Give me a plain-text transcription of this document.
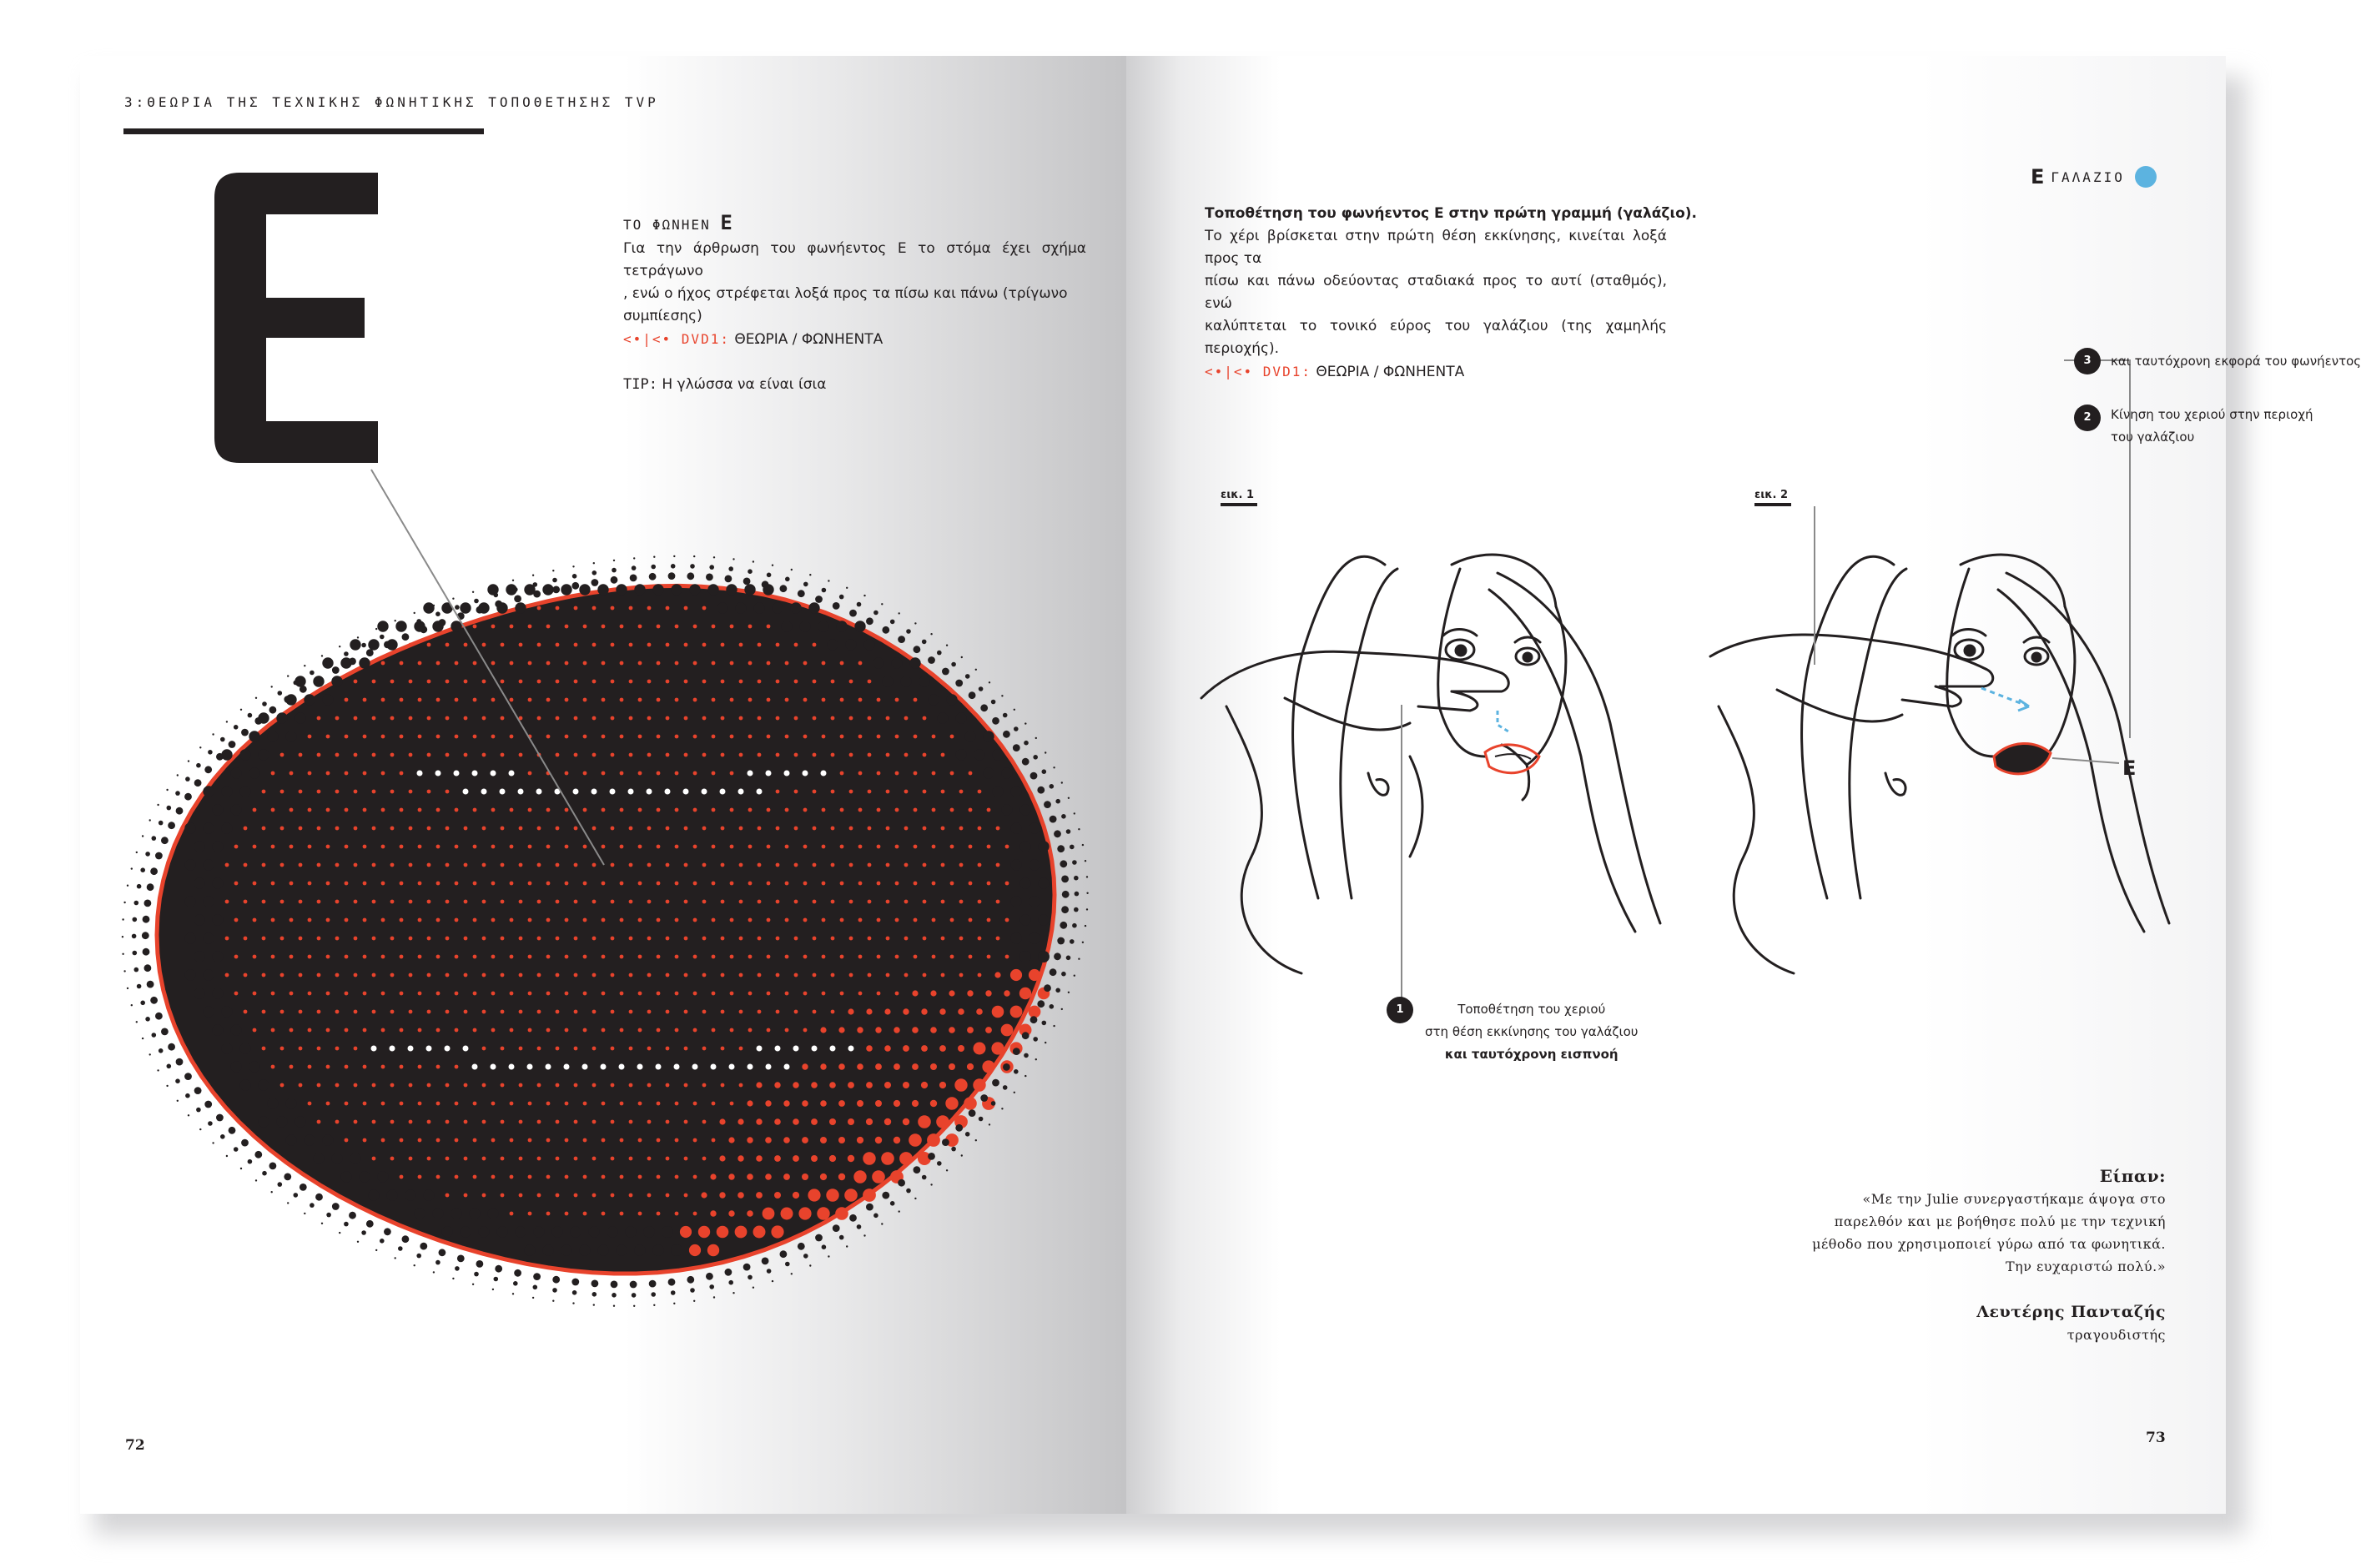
3:ΘΕΩΡΙΑ ΤΗΣ ΤΕΧΝΙΚΗΣ ΦΩΝΗΤΙΚΗΣ ΤΟΠΟΘΕΤΗΣΗΣ TVP
ΤΟ ΦΩΝΗΕΝ E
Για την άρθρωση του φωνήεντος Ε το στόμα έχει σχήμα τετράγωνο
, ενώ ο ήχος στρέφεται λοξά προς τα πίσω και πάνω (τρίγωνο
συμπίεσης)
<•|<• DVD1: ΘΕΩΡΙΑ / ΦΩΝΗΕΝΤΑ
TIP: Η γλώσσα να είναι ίσια
72
E ΓΑΛΑΖΙΟ
Τοποθέτηση του φωνήεντος Ε στην πρώτη γραμμή (γαλάζιο).
Το χέρι βρίσκεται στην πρώτη θέση εκκίνησης, κινείται λοξά προς τα
πίσω και πάνω οδεύοντας σταδιακά προς το αυτί (σταθμός), ενώ
καλύπτεται το τονικό εύρος του γαλάζιου (της χαμηλής περιοχής).
<•|<• DVD1: ΘΕΩΡΙΑ / ΦΩΝΗΕΝΤΑ
εικ. 1	εικ. 2
E
3	και ταυτόχρονη εκφορά του φωνήεντος
2	Κίνηση του χεριού στην περιοχή
του γαλάζιου
1	Τοποθέτηση του χεριού
στη θέση εκκίνησης του γαλάζιου
και ταυτόχρονη εισπνοή
Είπαν:
«Με την Julie συνεργαστήκαμε άψογα στο
παρελθόν και με βοήθησε πολύ με την τεχνική
μέθοδο που χρησιμοποιεί γύρω από τα φωνητικά.
Την ευχαριστώ πολύ.»
Λευτέρης Πανταζής
τραγουδιστής
73
